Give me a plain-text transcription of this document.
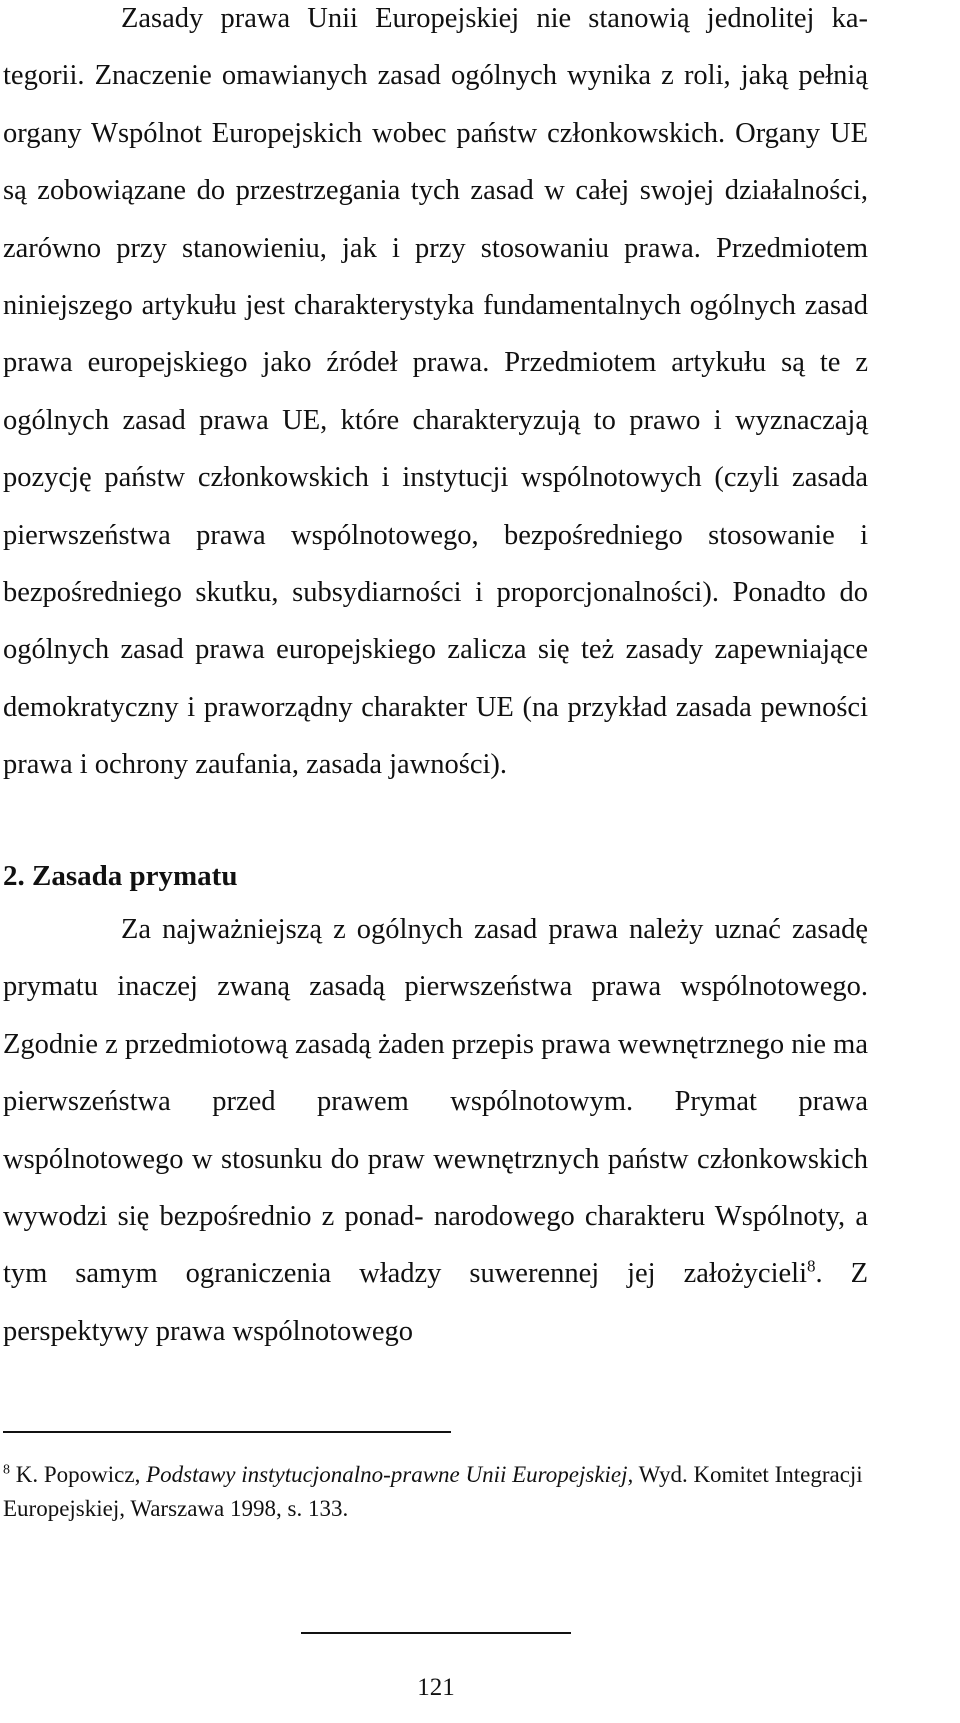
Zasady prawa Unii Europejskiej nie stanowią jednolitej kategorii. Znaczenie omawianych zasad ogólnych wynika z roli, jaką pełnią organy Wspólnot Europejskich wobec państw członkowskich. Organy UE są zobowiązane do przestrzegania tych zasad w całej swojej działalności, zarówno przy stanowieniu, jak i przy stosowaniu prawa. Przedmiotem niniejszego artykułu jest charakterystyka fundamentalnych ogólnych zasad prawa europejskiego jako źródeł prawa. Przedmiotem artykułu są te z ogólnych zasad prawa UE, które charakteryzują to prawo i wyznaczają pozycję państw członkowskich i instytucji wspólnotowych (czyli zasada pierwszeństwa prawa wspólnotowego, bezpośredniego stosowanie i bezpośredniego skutku, subsydiarności i proporcjonalności). Ponadto do ogólnych zasad prawa europejskiego zalicza się też zasady zapewniające demokratyczny i praworządny charakter UE (na przykład zasada pewności prawa i ochrony zaufania, zasada jawności).

2. Zasada prymatu

Za najważniejszą z ogólnych zasad prawa należy uznać zasadę prymatu inaczej zwaną zasadą pierwszeństwa prawa wspólnotowego. Zgodnie z przedmiotową zasadą żaden przepis prawa wewnętrznego nie ma pierwszeństwa przed prawem wspólnotowym. Prymat prawa wspólnotowego w stosunku do praw wewnętrznych państw członkowskich wywodzi się bezpośrednio z ponad- narodowego charakteru Wspólnoty, a tym samym ograniczenia władzy suwerennej jej założycieli$^8$. Z perspektywy prawa wspólnotowego

$^8$ K. Popowicz, Podstawy instytucjonalno-prawne Unii Europejskiej, Wyd. Komitet Integracji Europejskiej, Warszawa 1998, s. 133.

121
